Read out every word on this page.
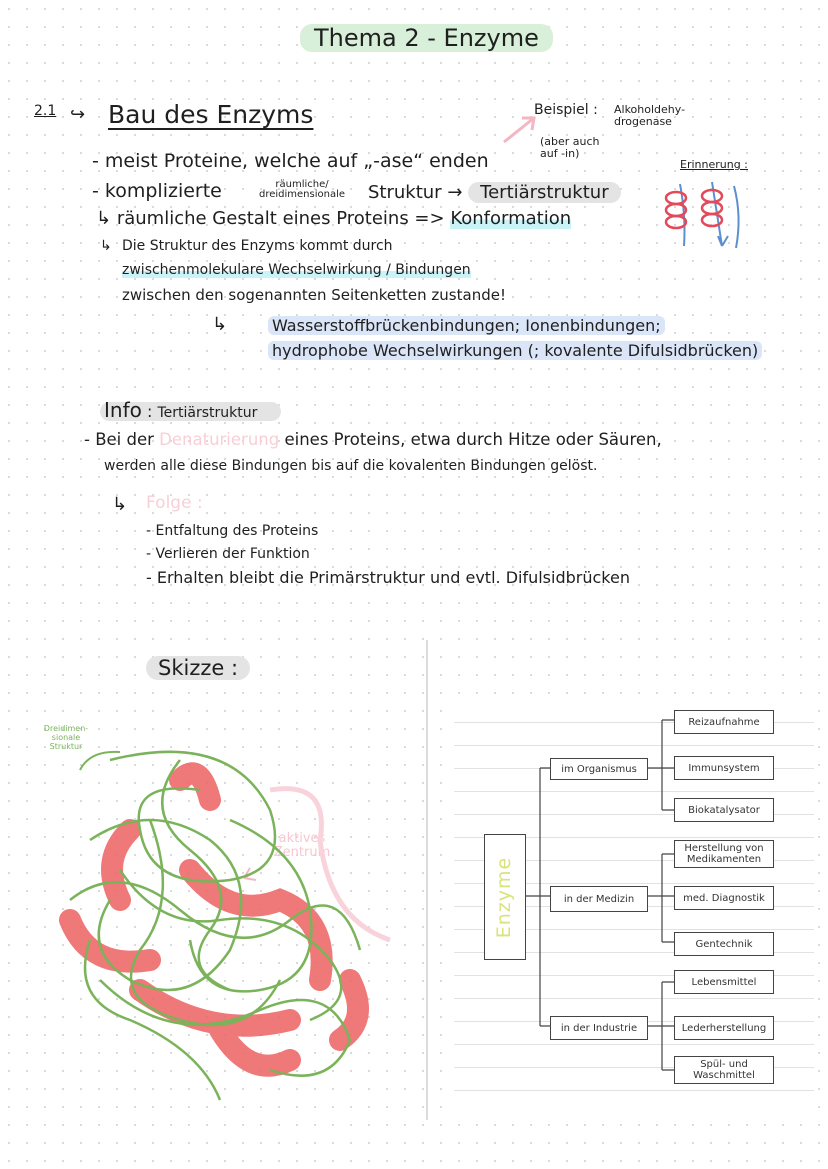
Thema 2 - Enzyme
2.1 ↪ Bau des Enzyms	Beispiel : Alkoholdehy- drogenase
(aber auch auf -in)
Erinnerung :
- meist Proteine, welche auf „-ase“ enden
- komplizierte	räumliche/ dreidimensionale	Struktur → Tertiärstruktur
↳ räumliche Gestalt eines Proteins => Konformation
↳ Die Struktur des Enzyms kommt durch
zwischenmolekulare Wechselwirkung / Bindungen
zwischen den sogenannten Seitenketten zustande!
↳	Wasserstoffbrückenbindungen; Ionenbindungen;
hydrophobe Wechselwirkungen (; kovalente Difulsidbrücken)
Info : Tertiärstruktur
- Bei der Denaturierung eines Proteins, etwa durch Hitze oder Säuren,
werden alle diese Bindungen bis auf die kovalenten Bindungen gelöst.
↳ Folge :
- Entfaltung des Proteins
- Verlieren der Funktion
- Erhalten bleibt die Primärstruktur und evtl. Difulsidbrücken
Skizze :
Dreidimen- sionale Struktur
aktives Zentrum
Enzyme
im Organismus
in der Medizin
in der Industrie
Reizaufnahme
Immunsystem
Biokatalysator
Herstellung von Medikamenten
med. Diagnostik
Gentechnik
Lebensmittel
Lederherstellung
Spül- und Waschmittel
